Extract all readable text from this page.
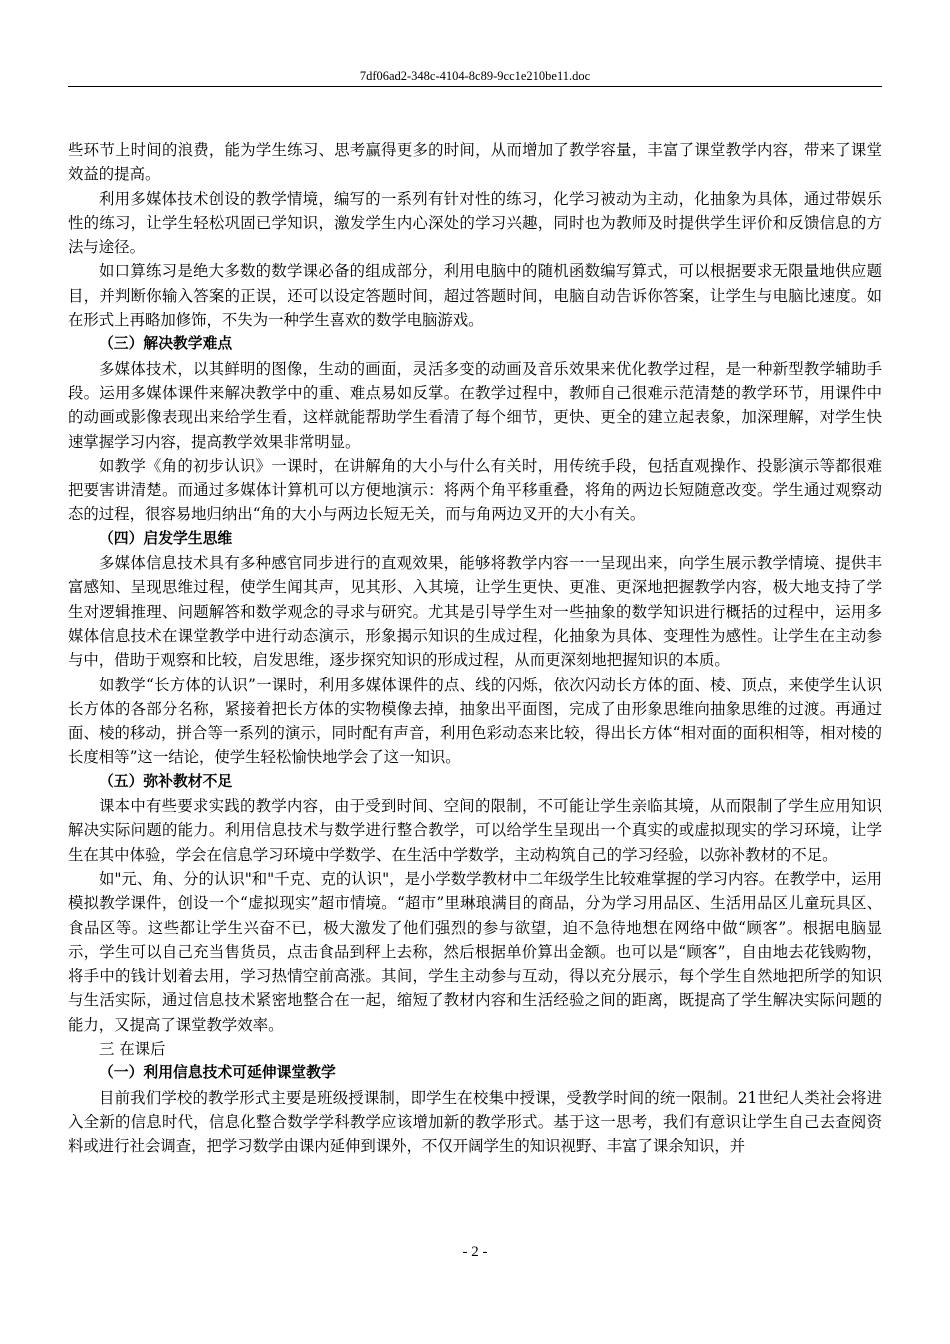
7df06ad2-348c-4104-8c89-9cc1e210be11.doc

些环节上时间的浪费，能为学生练习、思考赢得更多的时间，从而增加了教学容量，丰富了课堂教学内容，带来了课堂效益的提高。

利用多媒体技术创设的教学情境，编写的一系列有针对性的练习，化学习被动为主动，化抽象为具体，通过带娱乐性的练习，让学生轻松巩固已学知识，激发学生内心深处的学习兴趣，同时也为教师及时提供学生评价和反馈信息的方法与途径。

如口算练习是绝大多数的数学课必备的组成部分，利用电脑中的随机函数编写算式，可以根据要求无限量地供应题目，并判断你输入答案的正误，还可以设定答题时间，超过答题时间，电脑自动告诉你答案，让学生与电脑比速度。如在形式上再略加修饰，不失为一种学生喜欢的数学电脑游戏。

（三）解决教学难点

多媒体技术，以其鲜明的图像，生动的画面，灵活多变的动画及音乐效果来优化教学过程，是一种新型教学辅助手段。运用多媒体课件来解决教学中的重、难点易如反掌。在教学过程中，教师自己很难示范清楚的教学环节，用课件中的动画或影像表现出来给学生看，这样就能帮助学生看清了每个细节，更快、更全的建立起表象，加深理解，对学生快速掌握学习内容，提高教学效果非常明显。

如教学《角的初步认识》一课时，在讲解角的大小与什么有关时，用传统手段，包括直观操作、投影演示等都很难把要害讲清楚。而通过多媒体计算机可以方便地演示：将两个角平移重叠，将角的两边长短随意改变。学生通过观察动态的过程，很容易地归纳出“角的大小与两边长短无关，而与角两边叉开的大小有关。

（四）启发学生思维

多媒体信息技术具有多种感官同步进行的直观效果，能够将教学内容一一呈现出来，向学生展示教学情境、提供丰富感知、呈现思维过程，使学生闻其声，见其形、入其境，让学生更快、更准、更深地把握教学内容，极大地支持了学生对逻辑推理、问题解答和数学观念的寻求与研究。尤其是引导学生对一些抽象的数学知识进行概括的过程中，运用多媒体信息技术在课堂教学中进行动态演示，形象揭示知识的生成过程，化抽象为具体、变理性为感性。让学生在主动参与中，借助于观察和比较，启发思维，逐步探究知识的形成过程，从而更深刻地把握知识的本质。

如教学“长方体的认识”一课时，利用多媒体课件的点、线的闪烁，依次闪动长方体的面、棱、顶点，来使学生认识长方体的各部分名称，紧接着把长方体的实物模像去掉，抽象出平面图，完成了由形象思维向抽象思维的过渡。再通过面、棱的移动，拼合等一系列的演示，同时配有声音，利用色彩动态来比较，得出长方体“相对面的面积相等，相对棱的长度相等”这一结论，使学生轻松愉快地学会了这一知识。

（五）弥补教材不足

课本中有些要求实践的教学内容，由于受到时间、空间的限制，不可能让学生亲临其境，从而限制了学生应用知识解决实际问题的能力。利用信息技术与数学进行整合教学，可以给学生呈现出一个真实的或虚拟现实的学习环境，让学生在其中体验，学会在信息学习环境中学数学、在生活中学数学，主动构筑自己的学习经验，以弥补教材的不足。

如"元、角、分的认识"和"千克、克的认识"，是小学数学教材中二年级学生比较难掌握的学习内容。在教学中，运用模拟教学课件，创设一个“虚拟现实”超市情境。“超市”里琳琅满目的商品，分为学习用品区、生活用品区儿童玩具区、食品区等。这些都让学生兴奋不已，极大激发了他们强烈的参与欲望，迫不急待地想在网络中做“顾客”。根据电脑显示，学生可以自己充当售货员，点击食品到秤上去称，然后根据单价算出金额。也可以是“顾客”，自由地去花钱购物，将手中的钱计划着去用，学习热情空前高涨。其间，学生主动参与互动，得以充分展示，每个学生自然地把所学的知识与生活实际，通过信息技术紧密地整合在一起，缩短了教材内容和生活经验之间的距离，既提高了学生解决实际问题的能力，又提高了课堂教学效率。

三 在课后

（一）利用信息技术可延伸课堂教学

目前我们学校的教学形式主要是班级授课制，即学生在校集中授课，受教学时间的统一限制。21世纪人类社会将进入全新的信息时代，信息化整合数学学科教学应该增加新的教学形式。基于这一思考，我们有意识让学生自己去查阅资料或进行社会调查，把学习数学由课内延伸到课外，不仅开阔学生的知识视野、丰富了课余知识，并

- 2 -
